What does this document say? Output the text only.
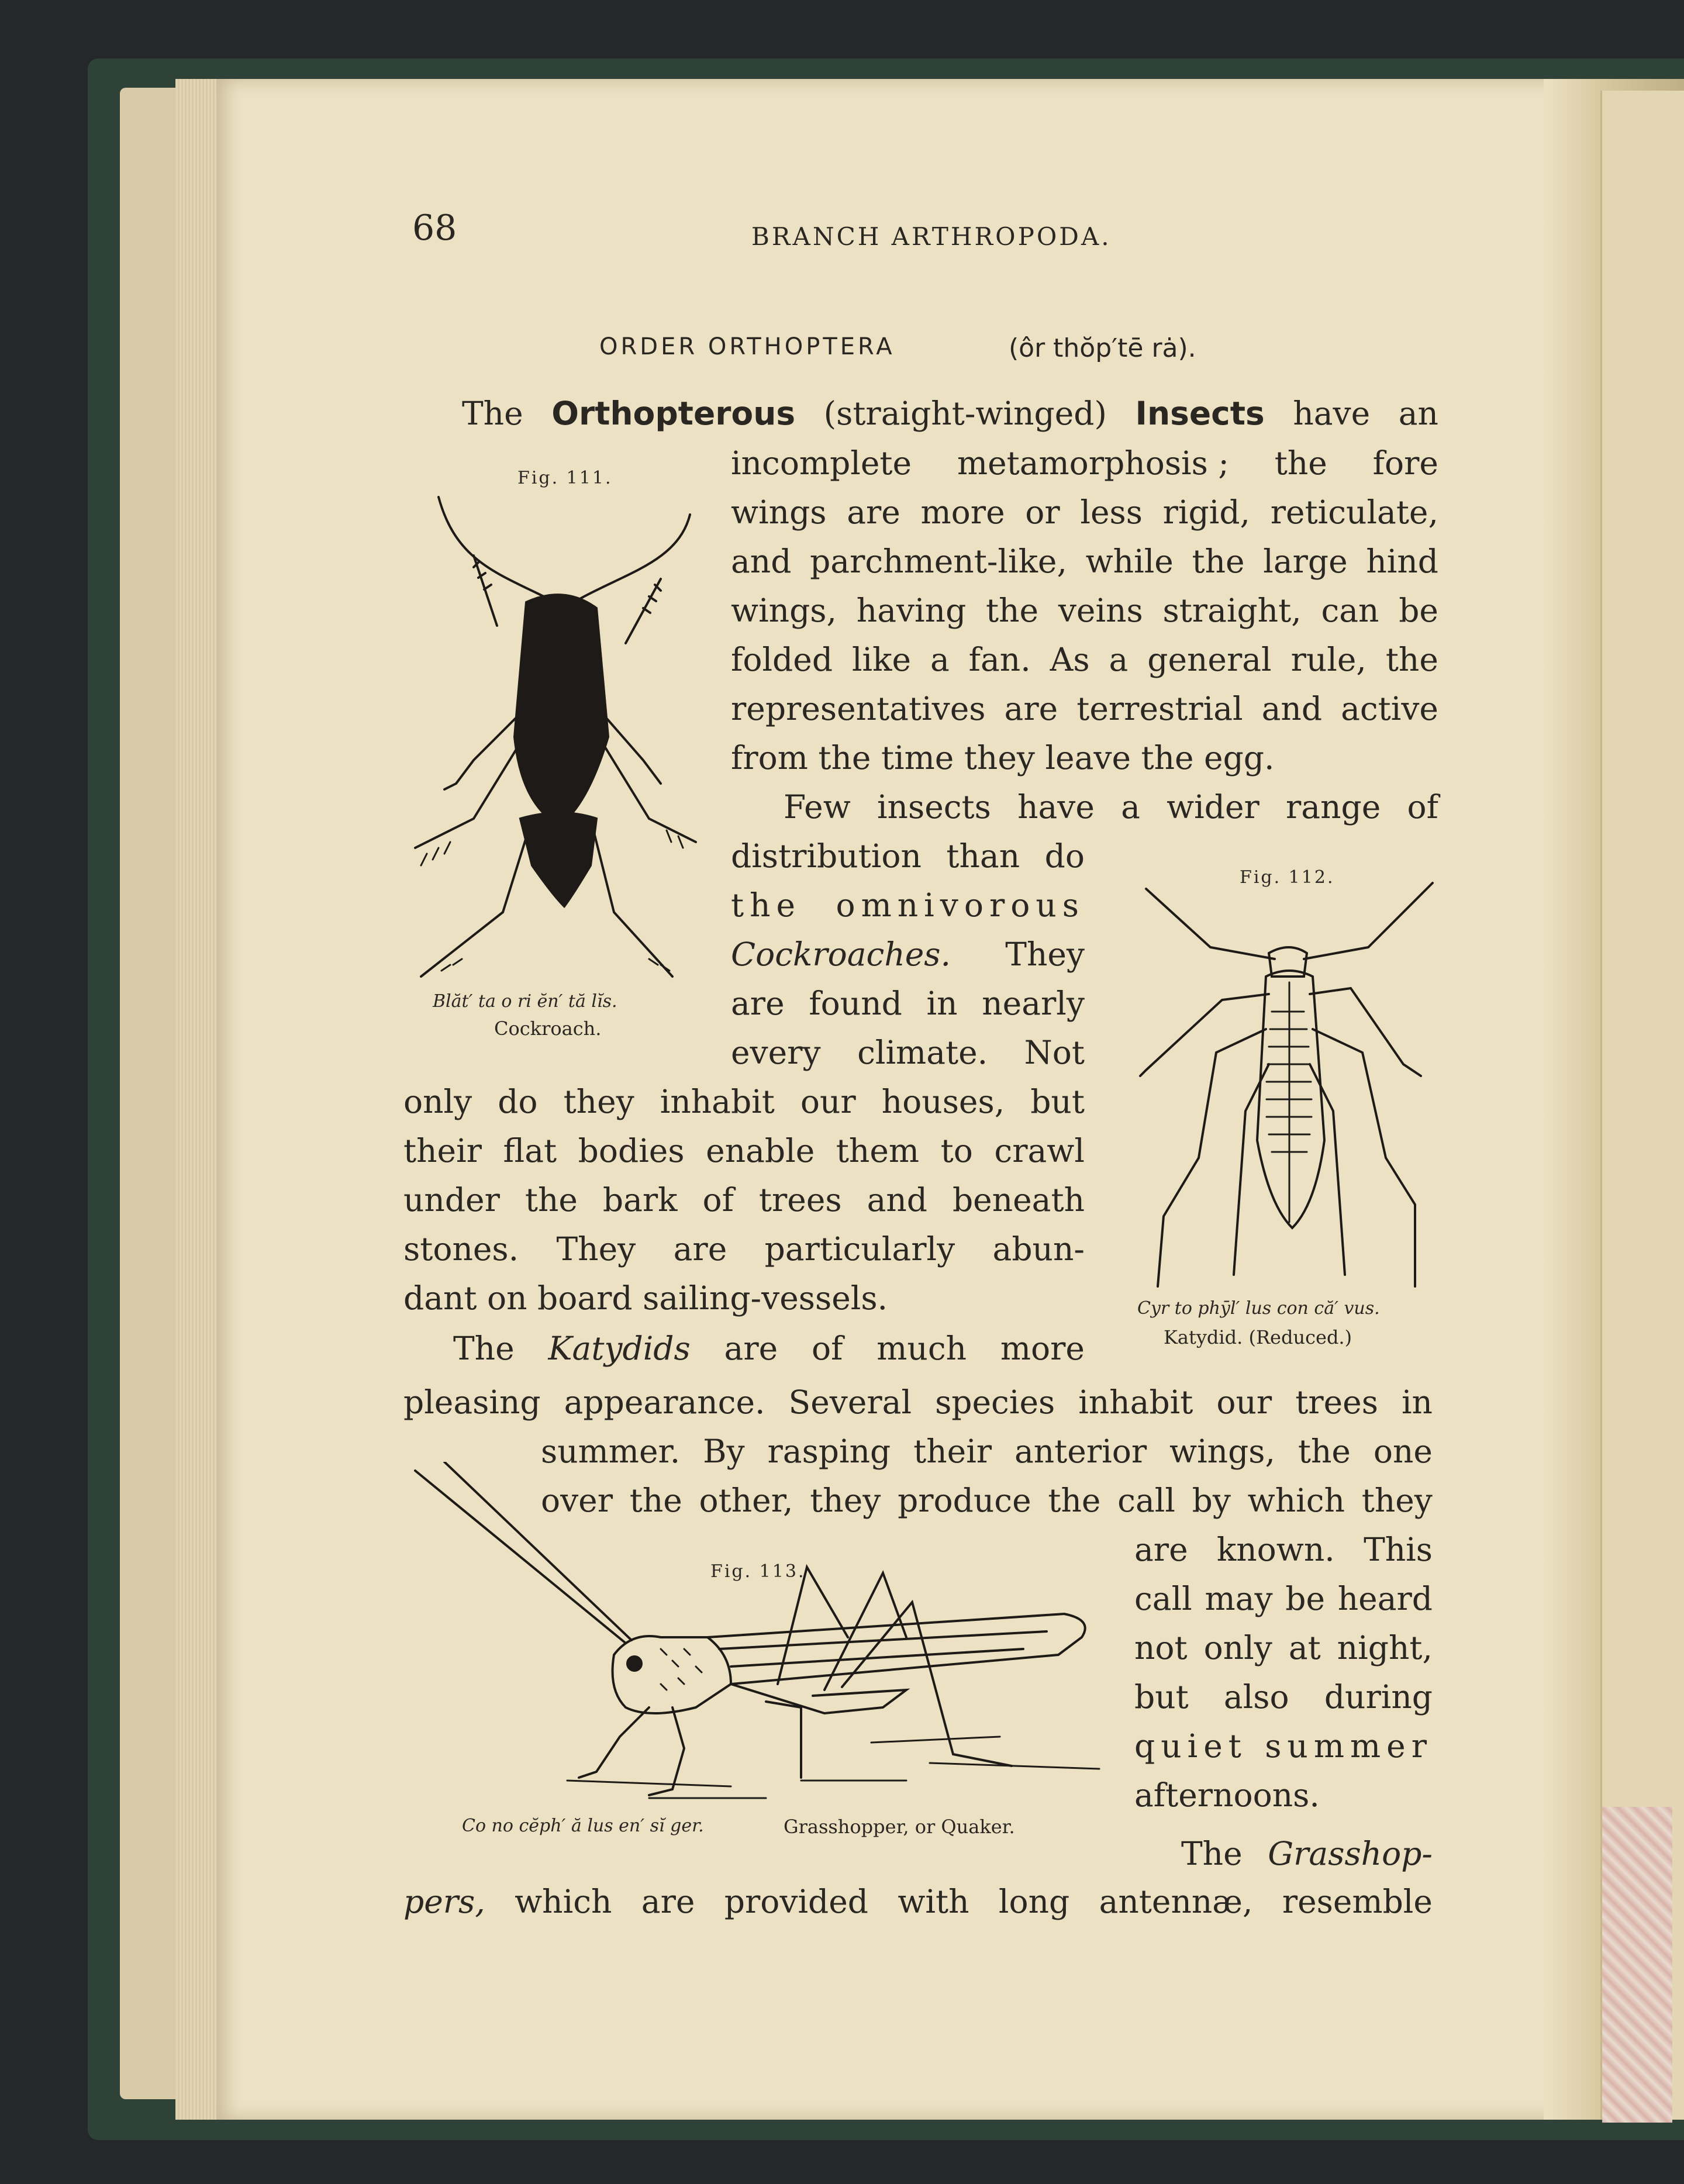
68	BRANCH ARTHROPODA.
ORDER ORTHOPTERA	(ôr thŏp′tē rȧ).
The Orthopterous (straight-winged) Insects have an
incomplete metamorphosis ; the fore
wings are more or less rigid, reticulate,
and parchment-like, while the large hind
wings, having the veins straight, can be
folded like a fan. As a general rule, the
representatives are terrestrial and active
from the time they leave the egg.
Few insects have a wider range of
distribution than do
the omnivorous
Cockroaches. They
are found in nearly
every climate. Not
only do they inhabit our houses, but
their flat bodies enable them to crawl
under the bark of trees and beneath
stones. They are particularly abun-
dant on board sailing-vessels.
The Katydids are of much more
pleasing appearance. Several species inhabit our trees in
summer. By rasping their anterior wings, the one
over the other, they produce the call by which they
are known. This
call may be heard
not only at night,
but also during
quiet summer
afternoons.
The Grasshop-
pers, which are provided with long antennæ, resemble
Fig. 111.
Blăt′ ta o ri ĕn′ tă lĭs.
Cockroach.
Fig. 112.
Cyr to phȳl′ lus con că′ vus.
Katydid. (Reduced.)
Fig. 113.
Co no cĕph′ ă lus en′ sĭ ger.	Grasshopper, or Quaker.
